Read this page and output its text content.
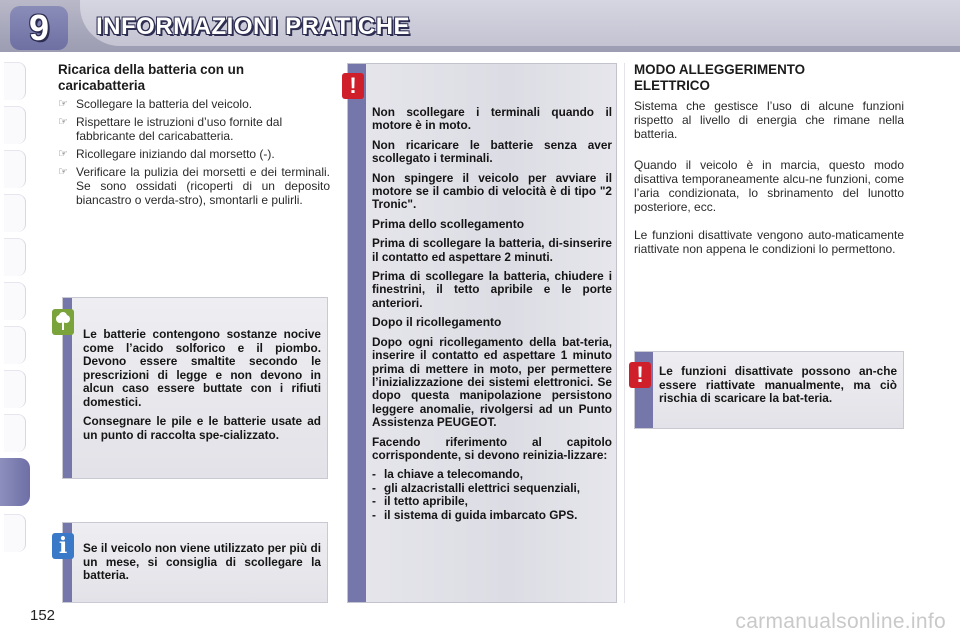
9	INFORMAZIONI PRATICHE
Ricarica della batteria con un
caricabatteria
☞ Scollegare la batteria del veicolo.
☞ Rispettare le istruzioni d’uso fornite dal fabbricante del caricabatteria.
☞ Ricollegare iniziando dal morsetto (-).
☞ Verificare la pulizia dei morsetti e dei terminali. Se sono ossidati (ricoperti di un deposito biancastro o verda-stro), smontarli e pulirli.

Le batterie contengono sostanze nocive come l’acido solforico e il piombo. Devono essere smaltite secondo le prescrizioni di legge e non devono in alcun caso essere buttate con i rifiuti domestici.

Consegnare le pile e le batterie usate ad un punto di raccolta spe-cializzato.

Se il veicolo non viene utilizzato per più di un mese, si consiglia di scollegare la batteria.
i

Non scollegare i terminali quando il motore è in moto.

Non ricaricare le batterie senza aver scollegato i terminali.

Non spingere il veicolo per avviare il motore se il cambio di velocità è di tipo "2 Tronic".

Prima dello scollegamento

Prima di scollegare la batteria, di-sinserire il contatto ed aspettare 2 minuti.

Prima di scollegare la batteria, chiudere i finestrini, il tetto apribile e le porte anteriori.

Dopo il ricollegamento

Dopo ogni ricollegamento della bat-teria, inserire il contatto ed aspettare 1 minuto prima di mettere in moto, per permettere l’inizializzazione dei sistemi elettronici. Se dopo questa manipolazione persistono leggere anomalie, rivolgersi ad un Punto Assistenza PEUGEOT.

Facendo riferimento al capitolo corrispondente, si devono reinizia-lizzare:

- la chiave a telecomando,
- gli alzacristalli elettrici sequenziali,
- il tetto apribile,
- il sistema di guida imbarcato GPS.
!
MODO ALLEGGERIMENTO
ELETTRICO
Sistema che gestisce l’uso di alcune funzioni rispetto al livello di energia che rimane nella batteria.
Quando il veicolo è in marcia, questo modo disattiva temporaneamente alcu-ne funzioni, come l’aria condizionata, lo sbrinamento del lunotto posteriore, ecc.
Le funzioni disattivate vengono auto-maticamente riattivate non appena le condizioni lo permettono.
Le funzioni disattivate possono an-che essere riattivate manualmente, ma ciò rischia di scaricare la bat-teria.
!
152	carmanualsonline.info
